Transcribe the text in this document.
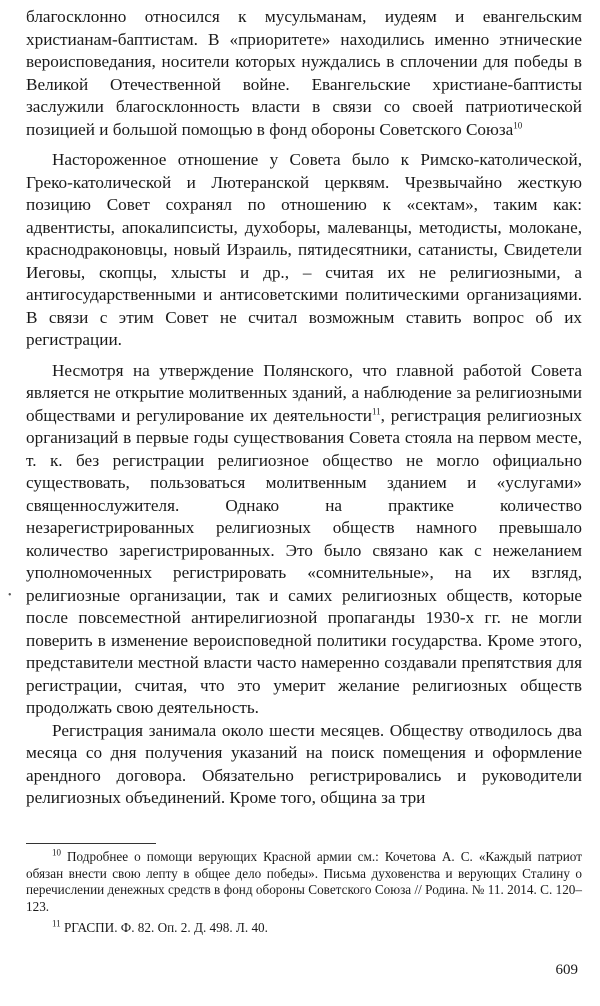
благосклонно относился к мусульманам, иудеям и евангельским христианам-баптистам. В «приоритете» находились именно этнические вероисповедания, носители которых нуждались в сплочении для победы в Великой Отечественной войне. Евангельские христиане-баптисты заслужили благосклонность власти в связи со своей патриотической позицией и большой помощью в фонд обороны Советского Союза$^{10}$

Настороженное отношение у Совета было к Римско-католической, Греко-католической и Лютеранской церквям. Чрезвычайно жесткую позицию Совет сохранял по отношению к «сектам», таким как: адвентисты, апокалипсисты, духоборы, малеванцы, методисты, молокане, краснодраконовцы, новый Израиль, пятидесятники, сатанисты, Свидетели Иеговы, скопцы, хлысты и др., – считая их не религиозными, а антигосударственными и антисоветскими политическими организациями. В связи с этим Совет не считал возможным ставить вопрос об их регистрации.

Несмотря на утверждение Полянского, что главной работой Совета является не открытие молитвенных зданий, а наблюдение за религиозными обществами и регулирование их деятельности$^{11}$, регистрация религиозных организаций в первые годы существования Совета стояла на первом месте, т. к. без регистрации религиозное общество не могло официально существовать, пользоваться молитвенным зданием и «услугами» священнослужителя. Однако на практике количество незарегистрированных религиозных обществ намного превышало количество зарегистрированных. Это было связано как с нежеланием уполномоченных регистрировать «сомнительные», на их взгляд, религиозные организации, так и самих религиозных обществ, которые после повсеместной антирелигиозной пропаганды 1930-х гг. не могли поверить в изменение вероисповедной политики государства. Кроме этого, представители местной власти часто намеренно создавали препятствия для регистрации, считая, что это умерит желание религиозных обществ продолжать свою деятельность.

Регистрация занимала около шести месяцев. Обществу отводилось два месяца со дня получения указаний на поиск помещения и оформление арендного договора. Обязательно регистрировались и руководители религиозных объединений. Кроме того, община за три

•

$^{10}$ Подробнее о помощи верующих Красной армии см.: Кочетова А. С. «Каждый патриот обязан внести свою лепту в общее дело победы». Письма духовенства и верующих Сталину о перечислении денежных средств в фонд обороны Советского Союза // Родина. № 11. 2014. С. 120–123.

$^{11}$ РГАСПИ. Ф. 82. Оп. 2. Д. 498. Л. 40.

609
